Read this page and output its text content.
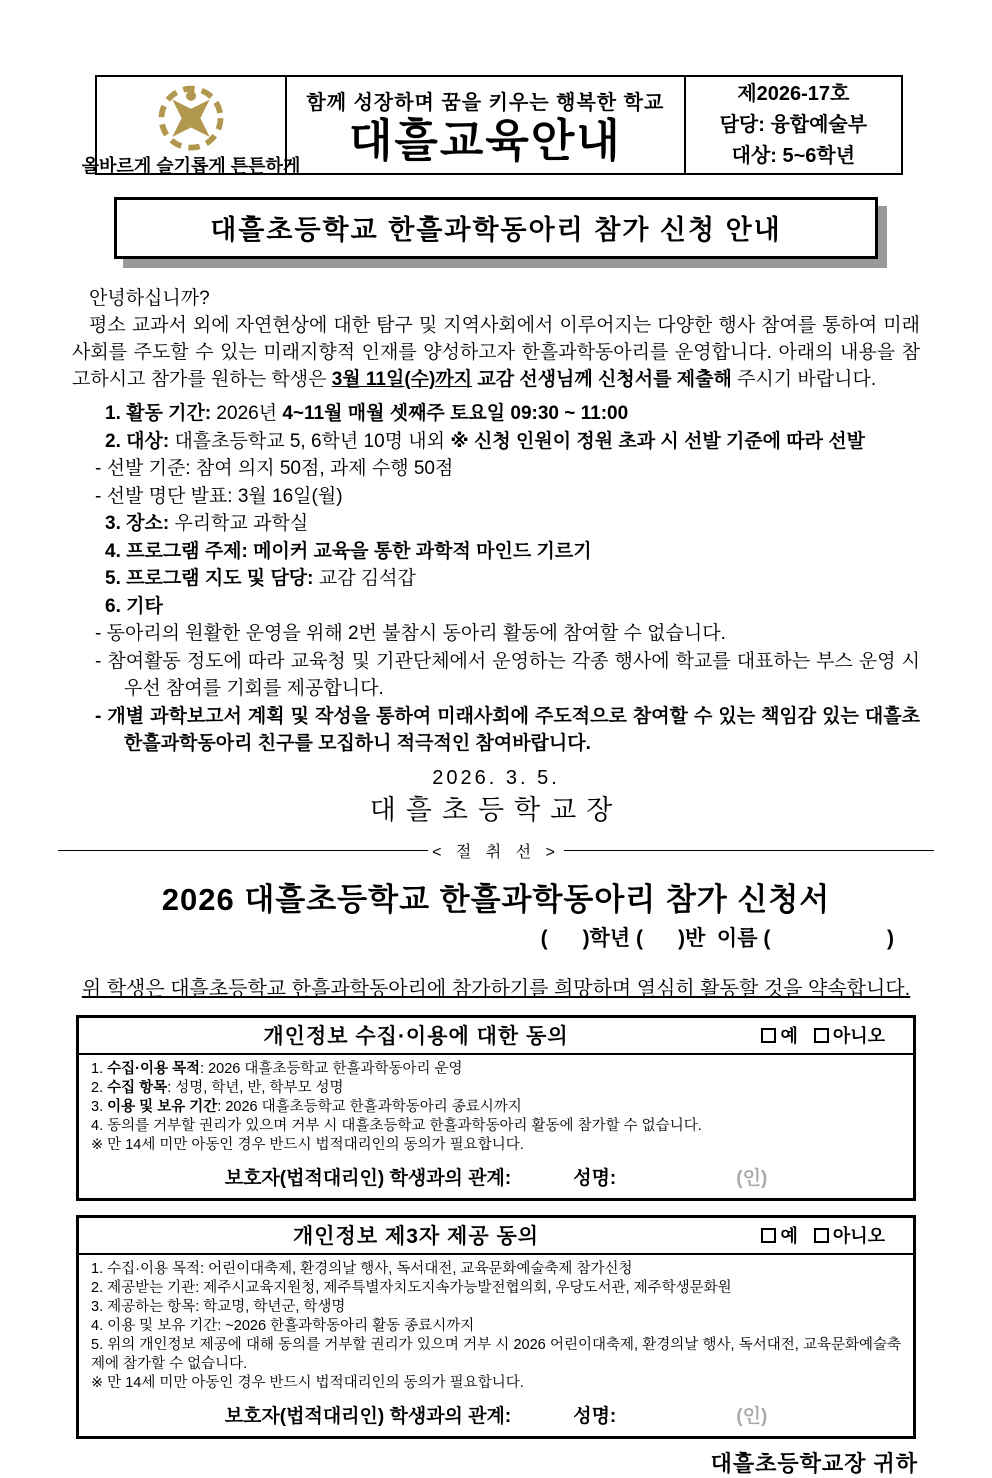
올바르게 슬기롭게 튼튼하게
함께 성장하며 꿈을 키우는 행복한 학교
대흘교육안내
제2026-17호
담당: 융합예술부
대상: 5~6학년
대흘초등학교 한흘과학동아리 참가 신청 안내
안녕하십니까?
평소 교과서 외에 자연현상에 대한 탐구 및 지역사회에서 이루어지는 다양한 행사 참여를 통하여 미래사회를 주도할 수 있는 미래지향적 인재를 양성하고자 한흘과학동아리를 운영합니다. 아래의 내용을 참고하시고 참가를 원하는 학생은 3월 11일(수)까지 교감 선생님께 신청서를 제출해 주시기 바랍니다.
1. 활동 기간: 2026년 4~11월 매월 셋째주 토요일 09:30 ~ 11:00
2. 대상: 대흘초등학교 5, 6학년 10명 내외 ※ 신청 인원이 정원 초과 시 선발 기준에 따라 선발
- 선발 기준: 참여 의지 50점, 과제 수행 50점
- 선발 명단 발표: 3월 16일(월)
3. 장소: 우리학교 과학실
4. 프로그램 주제: 메이커 교육을 통한 과학적 마인드 기르기
5. 프로그램 지도 및 담당: 교감 김석갑
6. 기타
- 동아리의 원활한 운영을 위해 2번 불참시 동아리 활동에 참여할 수 없습니다.
- 참여활동 정도에 따라 교육청 및 기관단체에서 운영하는 각종 행사에 학교를 대표하는 부스 운영 시 우선 참여를 기회를 제공합니다.
- 개별 과학보고서 계획 및 작성을 통하여 미래사회에 주도적으로 참여할 수 있는 책임감 있는 대흘초 한흘과학동아리 친구를 모집하니 적극적인 참여바랍니다.
2026. 3. 5.
대흘초등학교장
< 절 취 선 >
2026 대흘초등학교 한흘과학동아리 참가 신청서
(      )학년 (      )반  이름 (                    )
위 학생은 대흘초등학교 한흘과학동아리에 참가하기를 희망하며 열심히 활동할 것을 약속합니다.
개인정보 수집·이용에 대한 동의	예 아니오
1. 수집·이용 목적: 2026 대흘초등학교 한흘과학동아리 운영
2. 수집 항목: 성명, 학년, 반, 학부모 성명
3. 이용 및 보유 기간: 2026 대흘초등학교 한흘과학동아리 종료시까지
4. 동의를 거부할 권리가 있으며 거부 시 대흘초등학교 한흘과학동아리 활동에 참가할 수 없습니다.
※ 만 14세 미만 아동인 경우 반드시 법적대리인의 동의가 필요합니다.
보호자(법적대리인) 학생과의 관계:	성명:	(인)
개인정보 제3자 제공 동의	예 아니오
1. 수집·이용 목적: 어린이대축제, 환경의날 행사, 독서대전, 교육문화예술축제 참가신청
2. 제공받는 기관: 제주시교육지원청, 제주특별자치도지속가능발전협의회, 우당도서관, 제주학생문화원
3. 제공하는 항목: 학교명, 학년군, 학생명
4. 이용 및 보유 기간: ~2026 한흘과학동아리 활동 종료시까지
5. 위의 개인정보 제공에 대해 동의를 거부할 권리가 있으며 거부 시 2026 어린이대축제, 환경의날 행사, 독서대전, 교육문화예술축제에 참가할 수 없습니다.
※ 만 14세 미만 아동인 경우 반드시 법적대리인의 동의가 필요합니다.
보호자(법적대리인) 학생과의 관계:	성명:	(인)
대흘초등학교장 귀하
